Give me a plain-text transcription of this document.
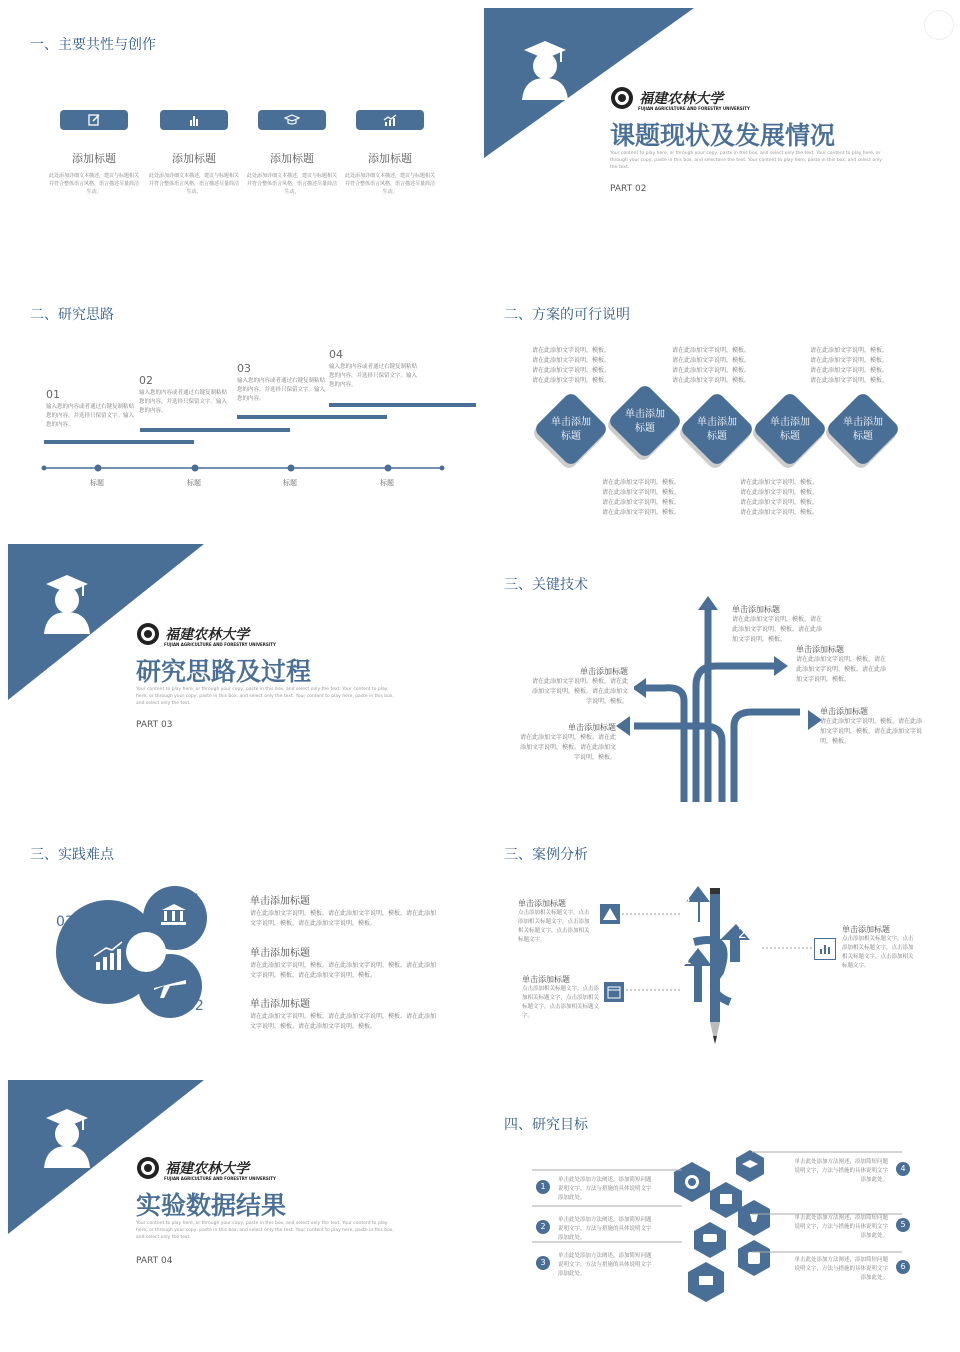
一、主要共性与创作
添加标题
此处添加详细文本描述，建议与标题相关并符合整体语言风格，语言描述尽量简洁生动。
添加标题
此处添加详细文本描述，建议与标题相关并符合整体语言风格，语言描述尽量简洁生动。
添加标题
此处添加详细文本描述，建议与标题相关并符合整体语言风格，语言描述尽量简洁生动。
添加标题
此处添加详细文本描述，建议与标题相关并符合整体语言风格，语言描述尽量简洁生动。
福建农林大学
FUJIAN AGRICULTURE AND FORESTRY UNIVERSITY
课题现状及发展情况
Your content to play here, or through your copy, paste in this box, and select only the text. Your content to play here, or through your copy, paste in this box, and selectone the text. Your content to play here, paste in this box, and select only the text.
PART 02
二、研究思路
01
输入您的内容或者通过右键复制粘贴您的内容，并选择只保留文字。输入您的内容。
02
输入您的内容或者通过右键复制粘贴您的内容，并选择只保留文字。输入您的内容。
03
输入您的内容或者通过右键复制粘贴您的内容，并选择只保留文字。输入您的内容。
04
输入您的内容或者通过右键复制粘贴您的内容，并选择只保留文字。输入您的内容。
标题	标题	标题	标题
二、方案的可行说明
请在此添加文字说明，模板。请在此添加文字说明，模板。请在此添加文字说明，模板。请在此添加文字说明，模板。
请在此添加文字说明，模板。请在此添加文字说明，模板。请在此添加文字说明，模板。请在此添加文字说明，模板。
请在此添加文字说明，模板。请在此添加文字说明，模板。请在此添加文字说明，模板。请在此添加文字说明，模板。
单击添加标题
单击添加标题
单击添加标题
单击添加标题
单击添加标题
请在此添加文字说明，模板。请在此添加文字说明，模板。请在此添加文字说明，模板。请在此添加文字说明，模板。
请在此添加文字说明，模板。请在此添加文字说明，模板。请在此添加文字说明，模板。请在此添加文字说明，模板。
福建农林大学
FUJIAN AGRICULTURE AND FORESTRY UNIVERSITY
研究思路及过程
Your content to play here, or through your copy, paste in this box, and select only the text. Your content to play here, or through your copy, paste in this box, and select only the text. Your content to play here, paste in this box, and select only the text.
PART 03
三、关键技术
单击添加标题
请在此添加文字说明，模板。请在此添加文字说明，模板。请在此添加文字说明，模板。
单击添加标题
请在此添加文字说明，模板。请在此添加文字说明，模板。请在此添加文字说明，模板。
单击添加标题
请在此添加文字说明，模板。请在此添加文字说明，模板。请在此添加文字说明，模板。
单击添加标题
请在此添加文字说明，模板。请在此添加文字说明，模板。请在此添加文字说明，模板。
单击添加标题
请在此添加文字说明，模板。请在此添加文字说明，模板。请在此添加文字说明，模板。
三、实践难点
01
02
03
单击添加标题
请在此添加文字说明，模板。请在此添加文字说明，模板。请在此添加文字说明，模板。请在此添加文字说明，模板。
单击添加标题
请在此添加文字说明，模板。请在此添加文字说明，模板。请在此添加文字说明，模板。请在此添加文字说明，模板。
单击添加标题
请在此添加文字说明，模板。请在此添加文字说明，模板。请在此添加文字说明，模板。请在此添加文字说明，模板。
三、案例分析
3
2
1
单击添加标题
点击添加相关标题文字，点击添加相关标题文字，点击添加相关标题文字，点击添加相关标题文字。
单击添加标题
点击添加相关标题文字，点击添加相关标题文字，点击添加相关标题文字，点击添加相关标题文字。
单击添加标题
点击添加相关标题文字，点击添加相关标题文字，点击添加相关标题文字，点击添加相关标题文字。
福建农林大学
FUJIAN AGRICULTURE AND FORESTRY UNIVERSITY
实验数据结果
Your content to play here, or through your copy, paste in this box, and select only the text. Your content to play here, or through your copy, paste in this box, and select only the text. Your content to play here, paste in this box, and select only the text.
PART 04
四、研究目标
1
单击此处添加方法阐述，添加简短问题说明文字，方法与措施的具体说明文字添加此处。
2
单击此处添加方法阐述，添加简短问题说明文字，方法与措施的具体说明文字添加此处。
3
单击此处添加方法阐述，添加简短问题说明文字，方法与措施的具体说明文字添加此处。
单击此处添加方法阐述，添加简短问题说明文字，方法与措施的具体说明文字添加此处。
4
单击此处添加方法阐述，添加简短问题说明文字，方法与措施的具体说明文字添加此处。
5
单击此处添加方法阐述，添加简短问题说明文字，方法与措施的具体说明文字添加此处。
6
